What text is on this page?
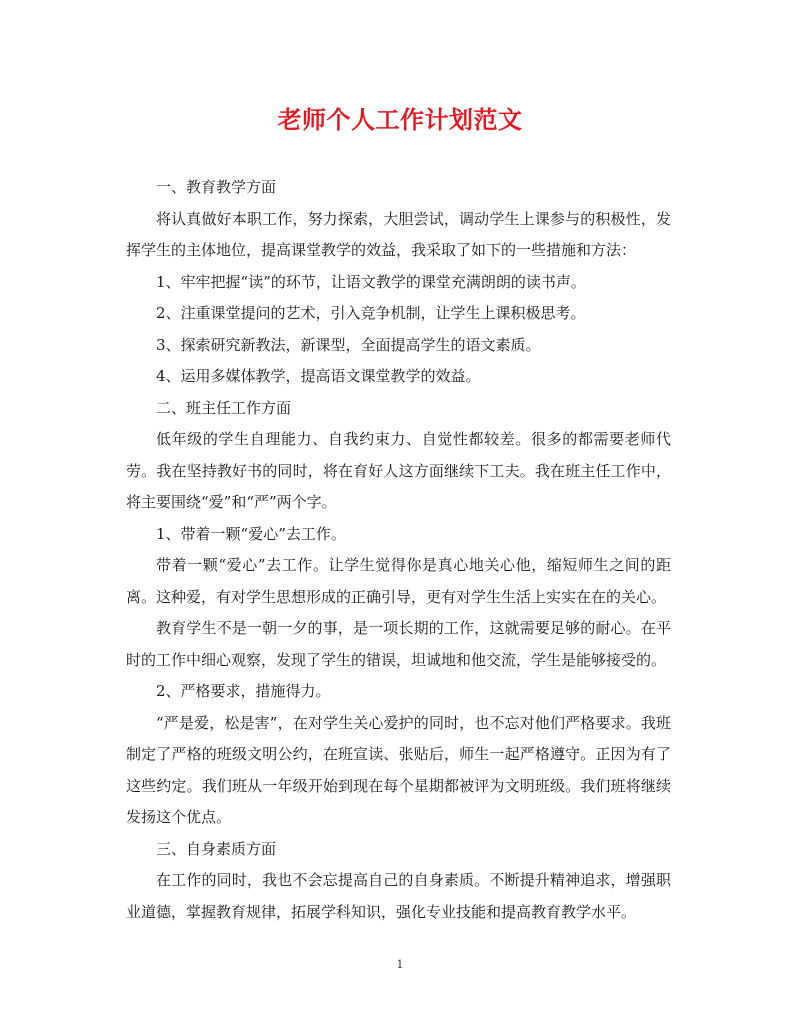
老师个人工作计划范文

一、教育教学方面

将认真做好本职工作，努力探索，大胆尝试，调动学生上课参与的积极性，发挥学生的主体地位，提高课堂教学的效益，我采取了如下的一些措施和方法：

1、牢牢把握“读”的环节，让语文教学的课堂充满朗朗的读书声。

2、注重课堂提问的艺术，引入竞争机制，让学生上课积极思考。

3、探索研究新教法，新课型，全面提高学生的语文素质。

4、运用多媒体教学，提高语文课堂教学的效益。

二、班主任工作方面

低年级的学生自理能力、自我约束力、自觉性都较差。很多的都需要老师代劳。我在坚持教好书的同时，将在育好人这方面继续下工夫。我在班主任工作中，将主要围绕“爱”和“严”两个字。

1、带着一颗“爱心”去工作。

带着一颗“爱心”去工作。让学生觉得你是真心地关心他，缩短师生之间的距离。这种爱，有对学生思想形成的正确引导，更有对学生生活上实实在在的关心。

教育学生不是一朝一夕的事，是一项长期的工作，这就需要足够的耐心。在平时的工作中细心观察，发现了学生的错误，坦诚地和他交流，学生是能够接受的。

2、严格要求，措施得力。

“严是爱，松是害”，在对学生关心爱护的同时，也不忘对他们严格要求。我班制定了严格的班级文明公约，在班宣读、张贴后，师生一起严格遵守。正因为有了这些约定。我们班从一年级开始到现在每个星期都被评为文明班级。我们班将继续发扬这个优点。

三、自身素质方面

在工作的同时，我也不会忘提高自己的自身素质。不断提升精神追求，增强职业道德，掌握教育规律，拓展学科知识，强化专业技能和提高教育教学水平。

1
